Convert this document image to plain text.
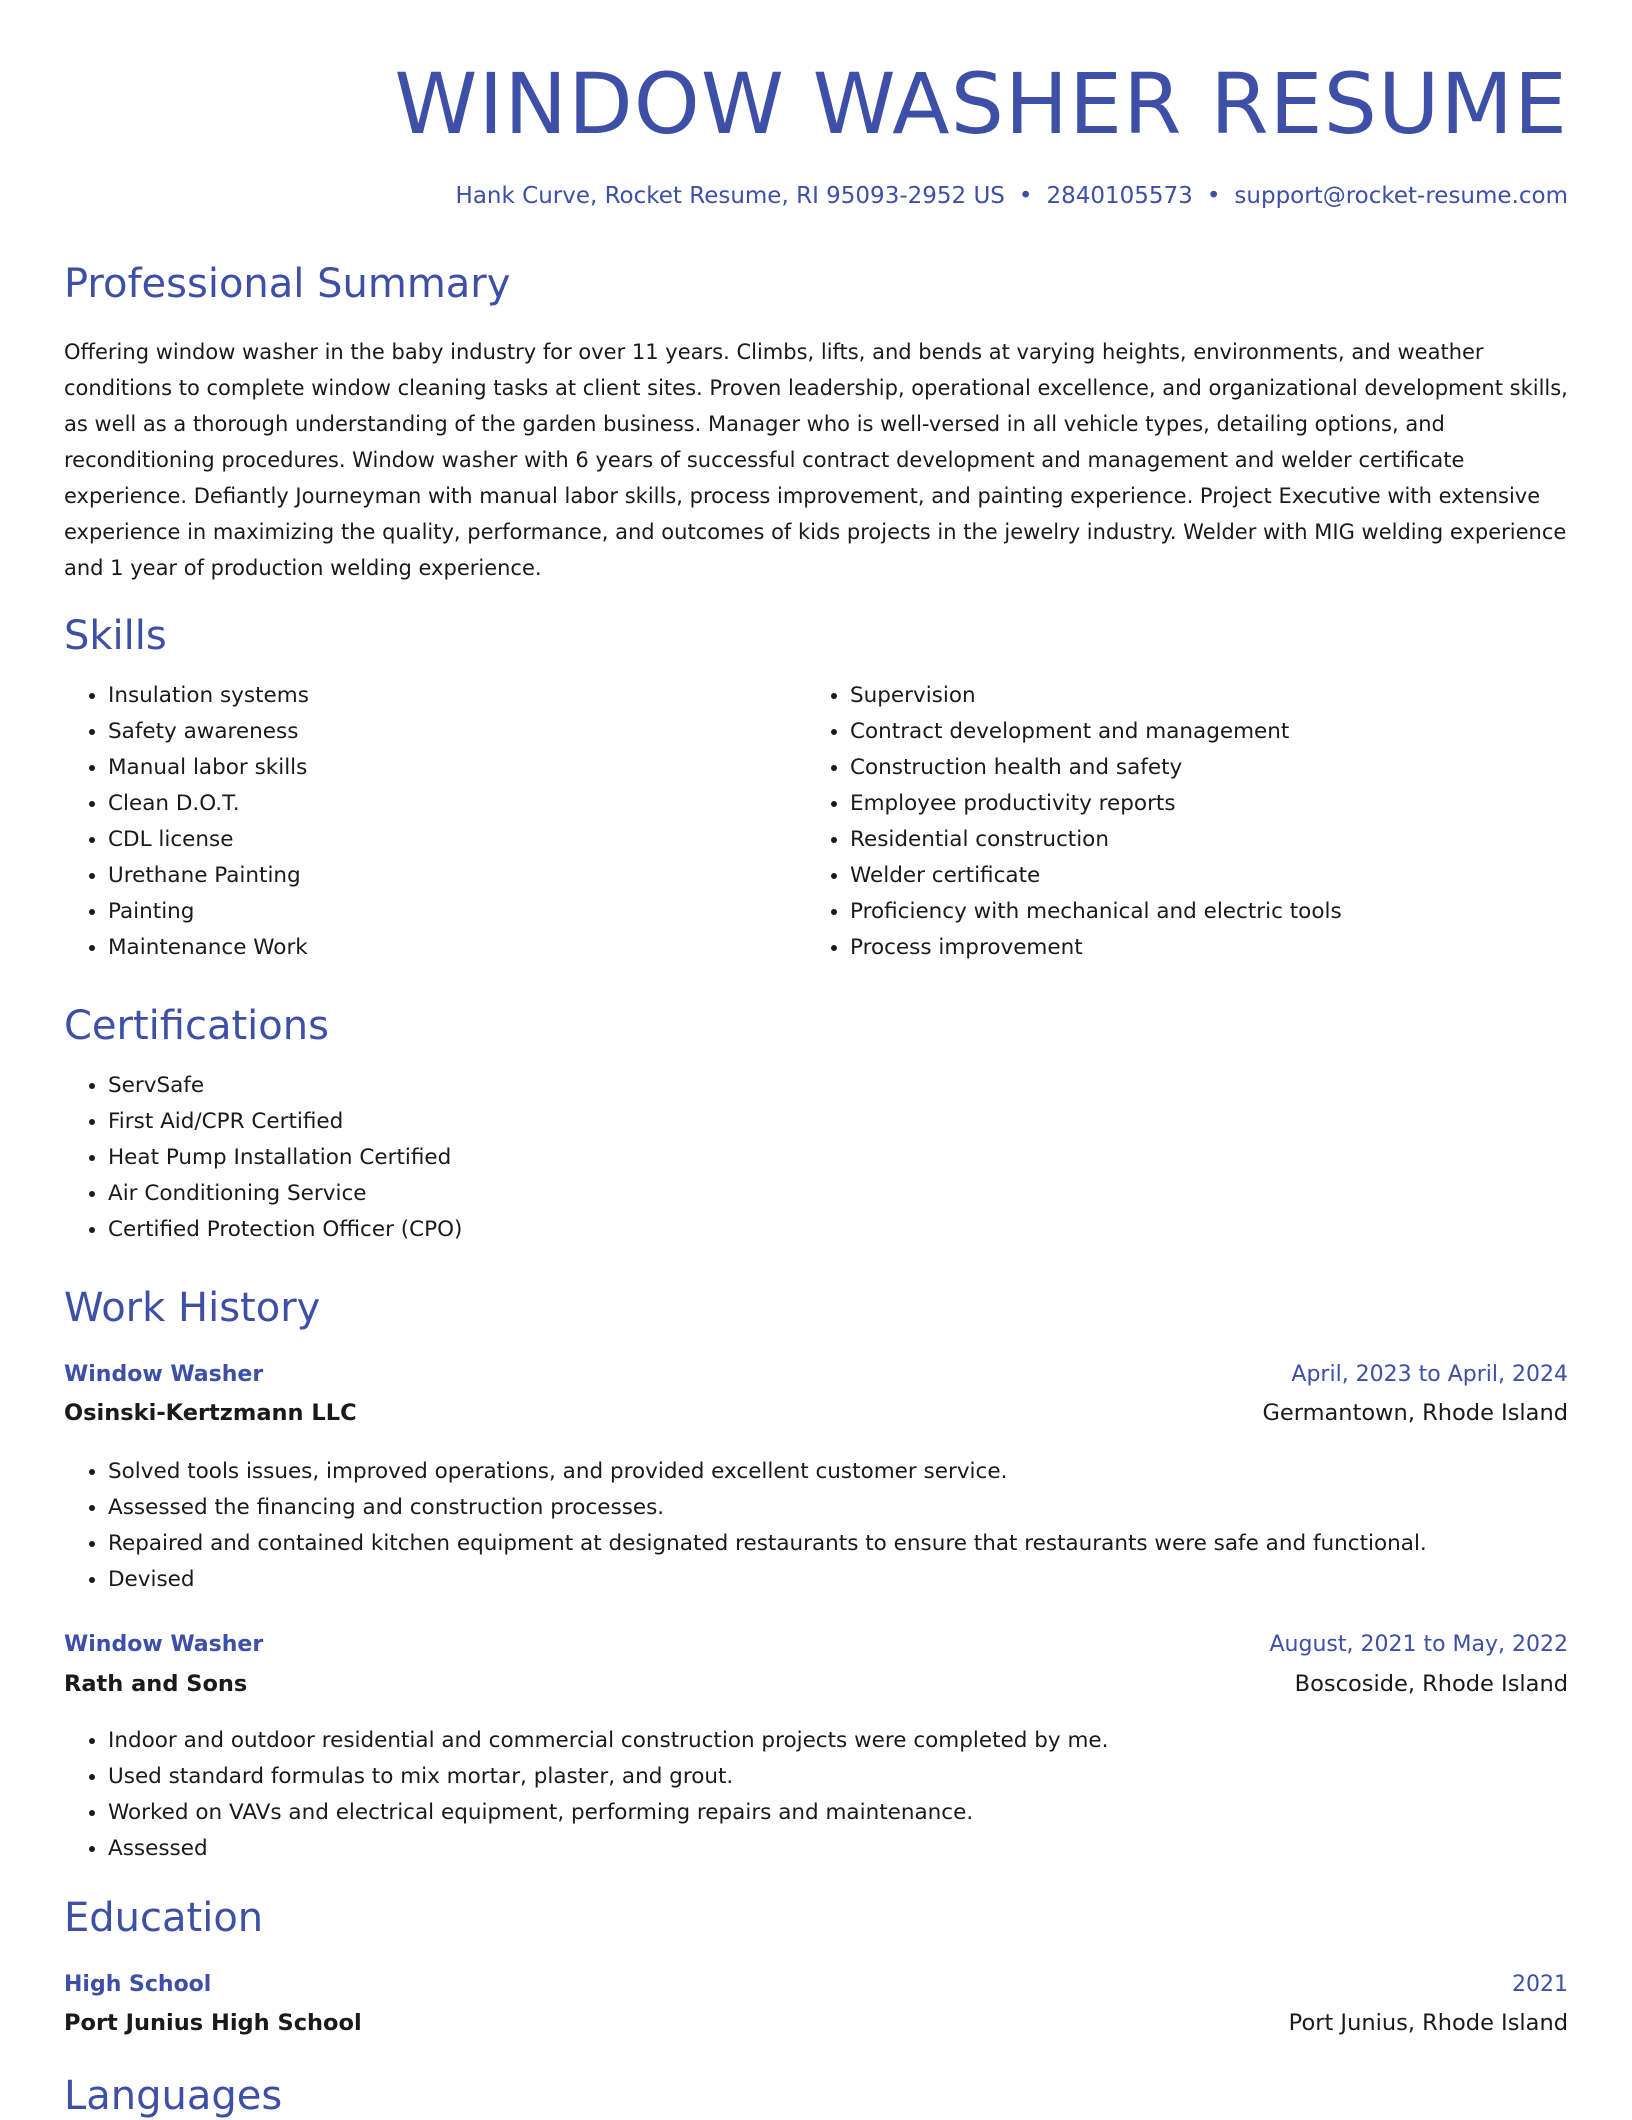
WINDOW WASHER RESUME
Hank Curve, Rocket Resume, RI 95093-2952 US • 2840105573 • support@rocket-resume.com
Professional Summary

Offering window washer in the baby industry for over 11 years. Climbs, lifts, and bends at varying heights, environments, and weather conditions to complete window cleaning tasks at client sites. Proven leadership, operational excellence, and organizational development skills, as well as a thorough understanding of the garden business. Manager who is well-versed in all vehicle types, detailing options, and reconditioning procedures. Window washer with 6 years of successful contract development and management and welder certificate experience. Defiantly Journeyman with manual labor skills, process improvement, and painting experience. Project Executive with extensive experience in maximizing the quality, performance, and outcomes of kids projects in the jewelry industry. Welder with MIG welding experience and 1 year of production welding experience.

Skills
• Insulation systems
• Safety awareness
• Manual labor skills
• Clean D.O.T.
• CDL license
• Urethane Painting
• Painting
• Maintenance Work
• Supervision
• Contract development and management
• Construction health and safety
• Employee productivity reports
• Residential construction
• Welder certificate
• Proficiency with mechanical and electric tools
• Process improvement
Certifications
• ServSafe
• First Aid/CPR Certified
• Heat Pump Installation Certified
• Air Conditioning Service
• Certified Protection Officer (CPO)
Work History
Window Washer	April, 2023 to April, 2024
Osinski-Kertzmann LLC	Germantown, Rhode Island
• Solved tools issues, improved operations, and provided excellent customer service.
• Assessed the financing and construction processes.
• Repaired and contained kitchen equipment at designated restaurants to ensure that restaurants were safe and functional.
• Devised
Window Washer	August, 2021 to May, 2022
Rath and Sons	Boscoside, Rhode Island
• Indoor and outdoor residential and commercial construction projects were completed by me.
• Used standard formulas to mix mortar, plaster, and grout.
• Worked on VAVs and electrical equipment, performing repairs and maintenance.
• Assessed
Education
High School	2021
Port Junius High School	Port Junius, Rhode Island
Languages
